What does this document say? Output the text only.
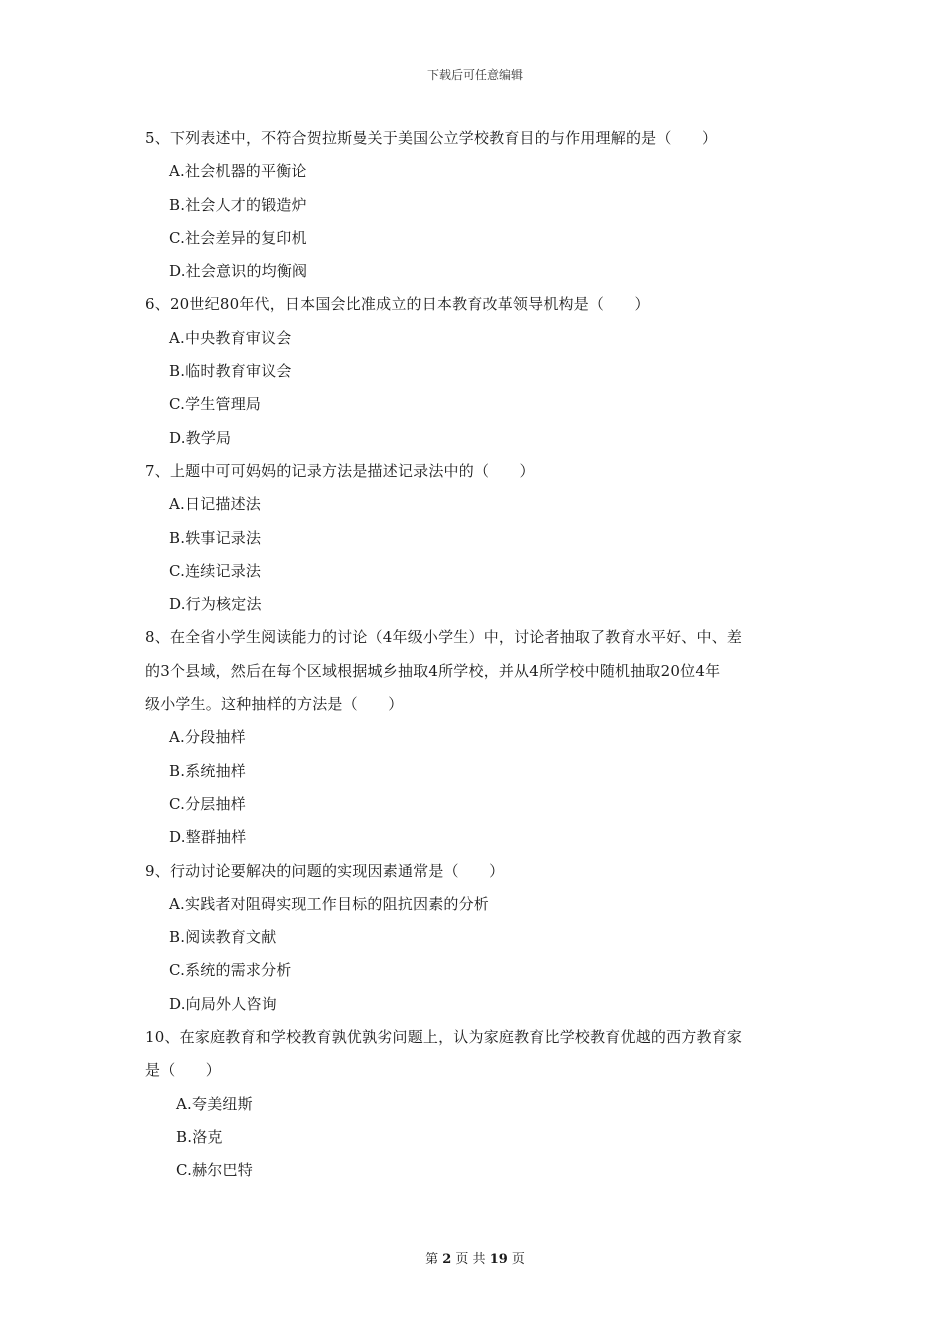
下载后可任意编辑

5、下列表述中，不符合贺拉斯曼关于美国公立学校教育目的与作用理解的是（　　）

A.社会机器的平衡论

B.社会人才的锻造炉

C.社会差异的复印机

D.社会意识的均衡阀

6、20世纪80年代，日本国会比准成立的日本教育改革领导机构是（　　）

A.中央教育审议会

B.临时教育审议会

C.学生管理局

D.教学局

7、上题中可可妈妈的记录方法是描述记录法中的（　　）

A.日记描述法

B.轶事记录法

C.连续记录法

D.行为核定法

8、在全省小学生阅读能力的讨论（4年级小学生）中，讨论者抽取了教育水平好、中、差

的3个县域，然后在每个区域根据城乡抽取4所学校，并从4所学校中随机抽取20位4年

级小学生。这种抽样的方法是（　　）

A.分段抽样

B.系统抽样

C.分层抽样

D.整群抽样

9、行动讨论要解决的问题的实现因素通常是（　　）

A.实践者对阻碍实现工作目标的阻抗因素的分析

B.阅读教育文献

C.系统的需求分析

D.向局外人咨询

10、在家庭教育和学校教育孰优孰劣问题上，认为家庭教育比学校教育优越的西方教育家

是（　　）

A.夸美纽斯

B.洛克

C.赫尔巴特

第 2 页 共 19 页
